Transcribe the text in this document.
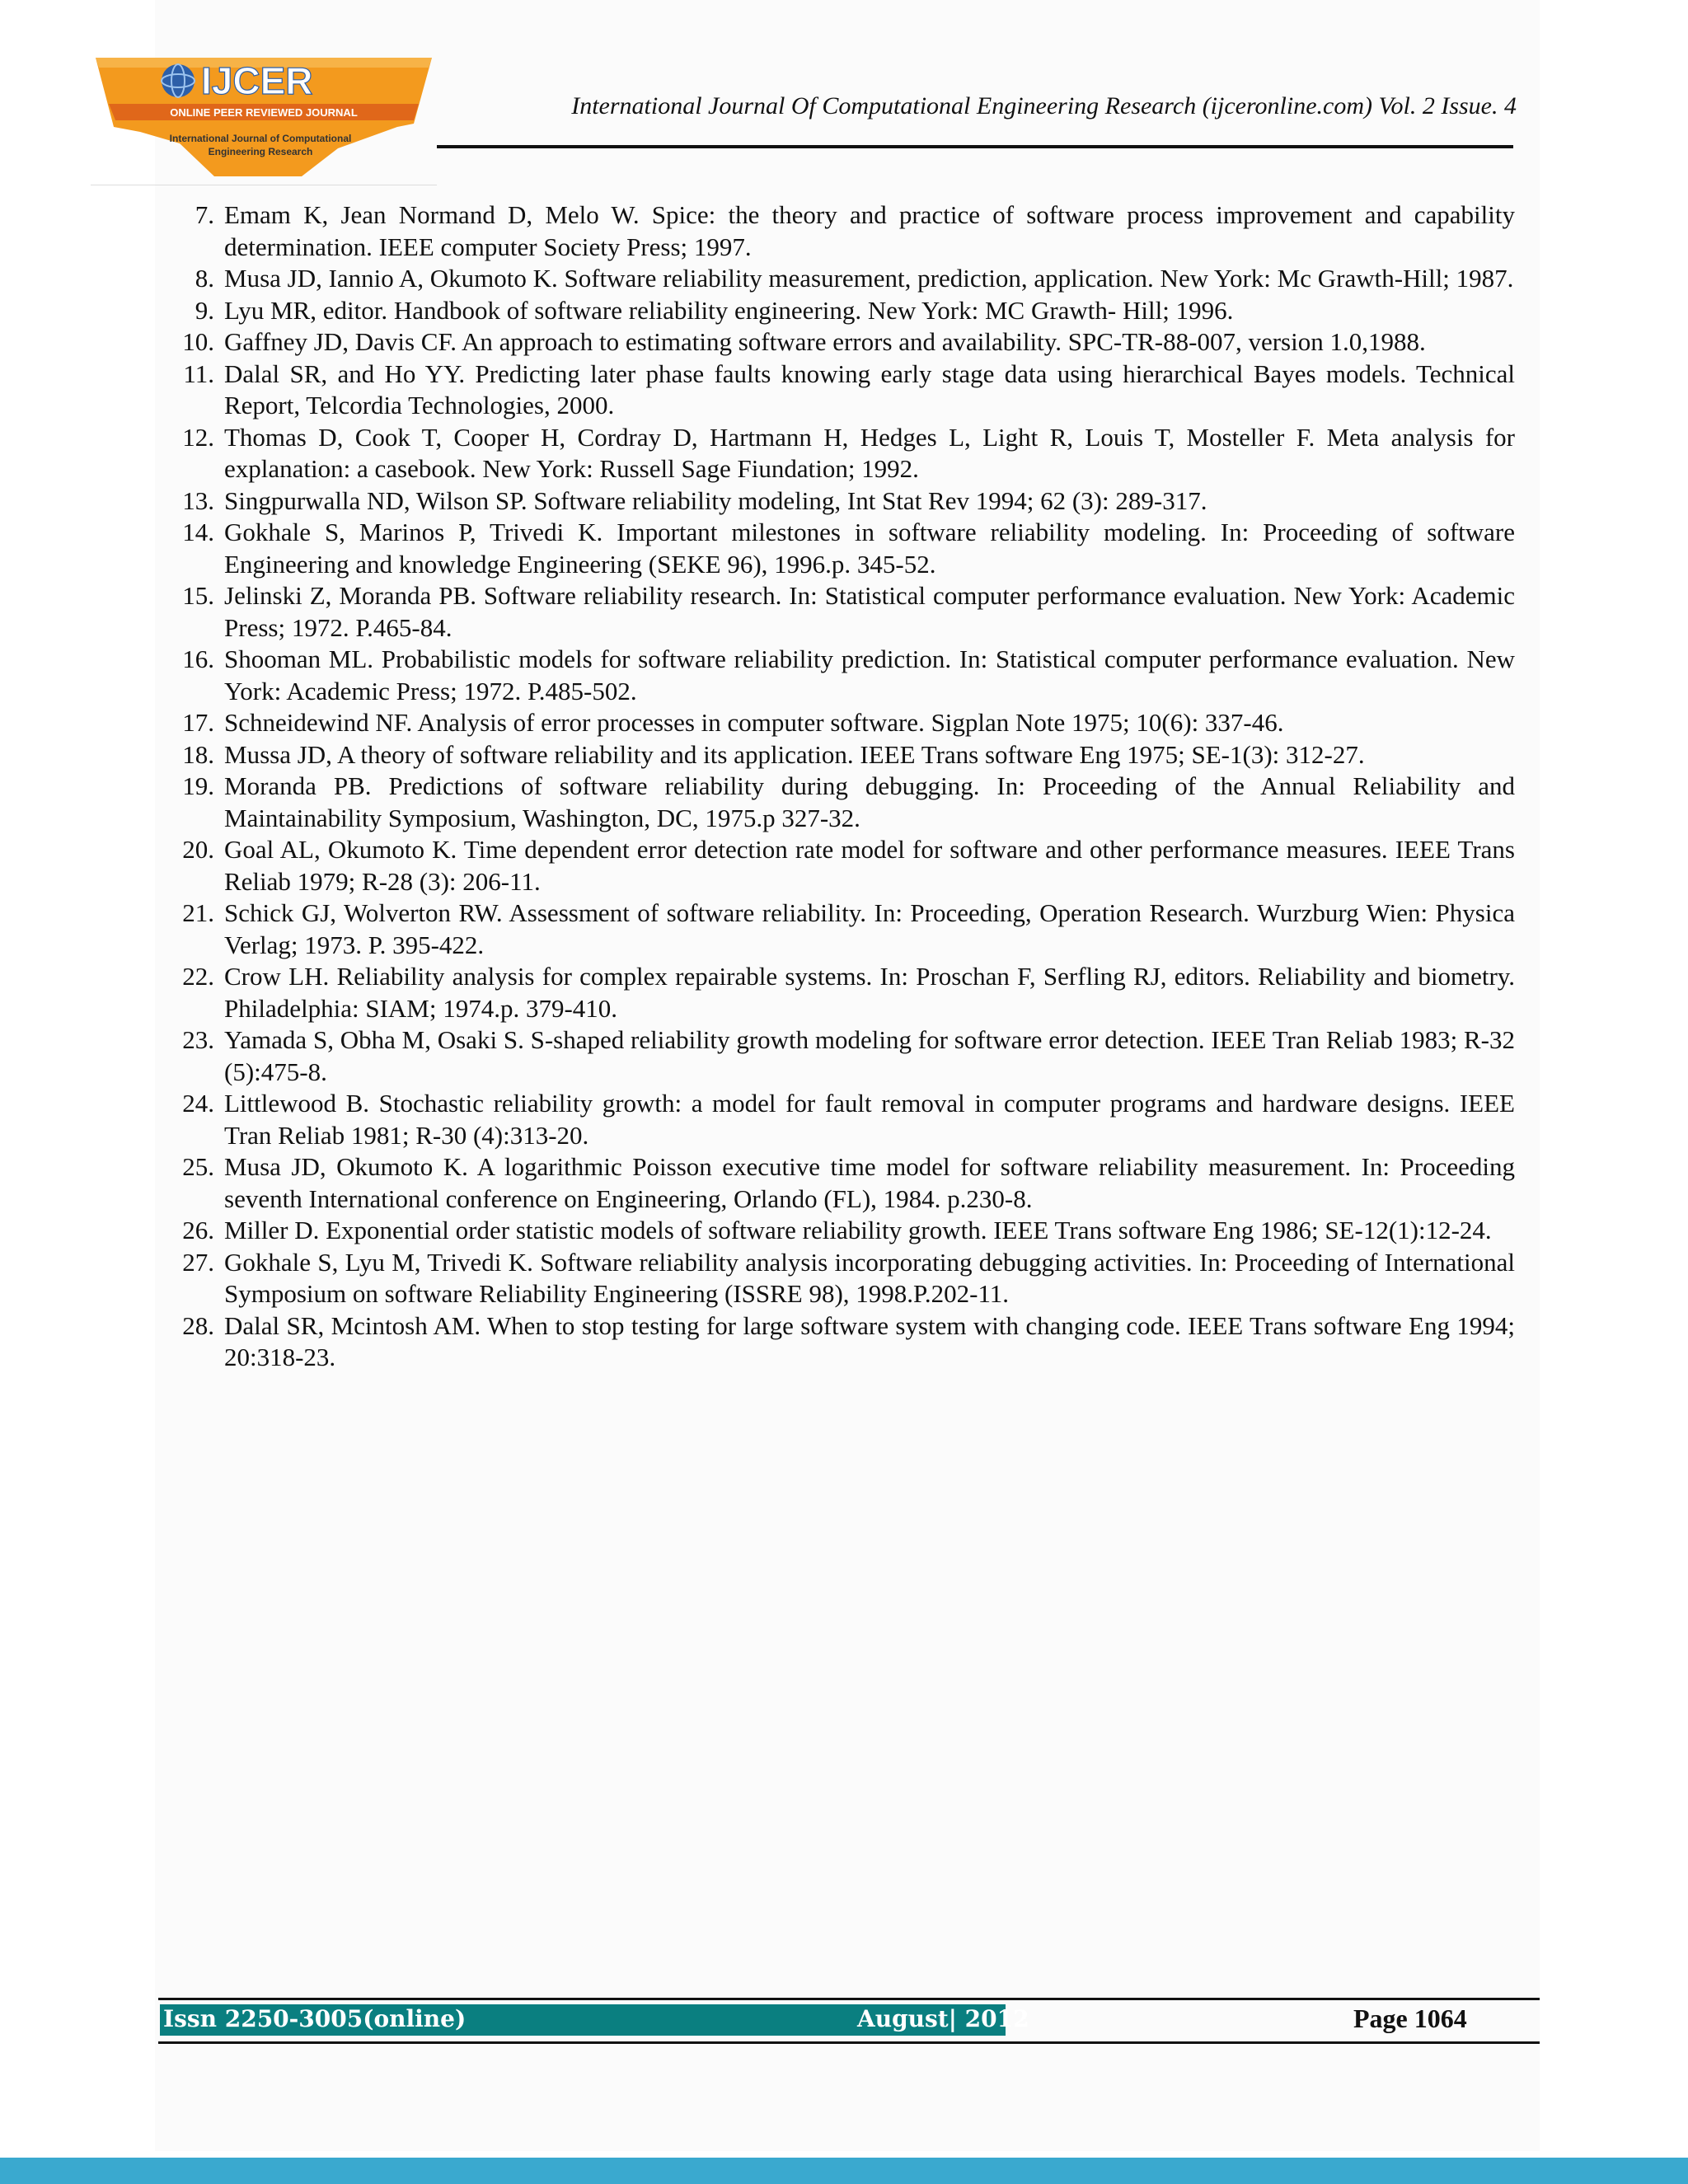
IJCER
ONLINE PEER REVIEWED JOURNAL
International Journal of Computational
Engineering Research
International Journal Of Computational Engineering Research (ijceronline.com) Vol. 2 Issue. 4
7. Emam K, Jean Normand D, Melo W. Spice: the theory and practice of software process improvement and capability determination. IEEE computer Society Press; 1997.
8. Musa JD, Iannio A, Okumoto K. Software reliability measurement, prediction, application. New York: Mc Grawth-Hill; 1987.
9. Lyu MR, editor. Handbook of software reliability engineering. New York: MC Grawth- Hill; 1996.
10. Gaffney JD, Davis CF. An approach to estimating software errors and availability. SPC-TR-88-007, version 1.0,1988.
11. Dalal SR, and Ho YY. Predicting later phase faults knowing early stage data using hierarchical Bayes models. Technical Report, Telcordia Technologies, 2000.
12. Thomas D, Cook T, Cooper H, Cordray D, Hartmann H, Hedges L, Light R, Louis T, Mosteller F. Meta analysis for explanation: a casebook. New York: Russell Sage Fiundation; 1992.
13. Singpurwalla ND, Wilson SP. Software reliability modeling, Int Stat Rev 1994; 62 (3): 289-317.
14. Gokhale S, Marinos P, Trivedi K. Important milestones in software reliability modeling. In: Proceeding of software Engineering and knowledge Engineering (SEKE 96), 1996.p. 345-52.
15. Jelinski Z, Moranda PB. Software reliability research. In: Statistical computer performance evaluation. New York: Academic Press; 1972. P.465-84.
16. Shooman ML. Probabilistic models for software reliability prediction. In: Statistical computer performance evaluation. New York: Academic Press; 1972. P.485-502.
17. Schneidewind NF. Analysis of error processes in computer software. Sigplan Note 1975; 10(6): 337-46.
18. Mussa JD, A theory of software reliability and its application. IEEE Trans software Eng 1975; SE-1(3): 312-27.
19. Moranda PB. Predictions of software reliability during debugging. In: Proceeding of the Annual Reliability and Maintainability Symposium, Washington, DC, 1975.p 327-32.
20. Goal AL, Okumoto K. Time dependent error detection rate model for software and other performance measures. IEEE Trans Reliab 1979; R-28 (3): 206-11.
21. Schick GJ, Wolverton RW. Assessment of software reliability. In: Proceeding, Operation Research. Wurzburg Wien: Physica Verlag; 1973. P. 395-422.
22. Crow LH. Reliability analysis for complex repairable systems. In: Proschan F, Serfling RJ, editors. Reliability and biometry. Philadelphia: SIAM; 1974.p. 379-410.
23. Yamada S, Obha M, Osaki S. S-shaped reliability growth modeling for software error detection. IEEE Tran Reliab 1983; R-32 (5):475-8.
24. Littlewood B. Stochastic reliability growth: a model for fault removal in computer programs and hardware designs. IEEE Tran Reliab 1981; R-30 (4):313-20.
25. Musa JD, Okumoto K. A logarithmic Poisson executive time model for software reliability measurement. In: Proceeding seventh International conference on Engineering, Orlando (FL), 1984. p.230-8.
26. Miller D. Exponential order statistic models of software reliability growth. IEEE Trans software Eng 1986; SE-12(1):12-24.
27. Gokhale S, Lyu M, Trivedi K. Software reliability analysis incorporating debugging activities. In: Proceeding of International Symposium on software Reliability Engineering (ISSRE 98), 1998.P.202-11.
28. Dalal SR, Mcintosh AM. When to stop testing for large software system with changing code. IEEE Trans software Eng 1994; 20:318-23.
Issn 2250-3005(online)	August| 2012	Page 1064
